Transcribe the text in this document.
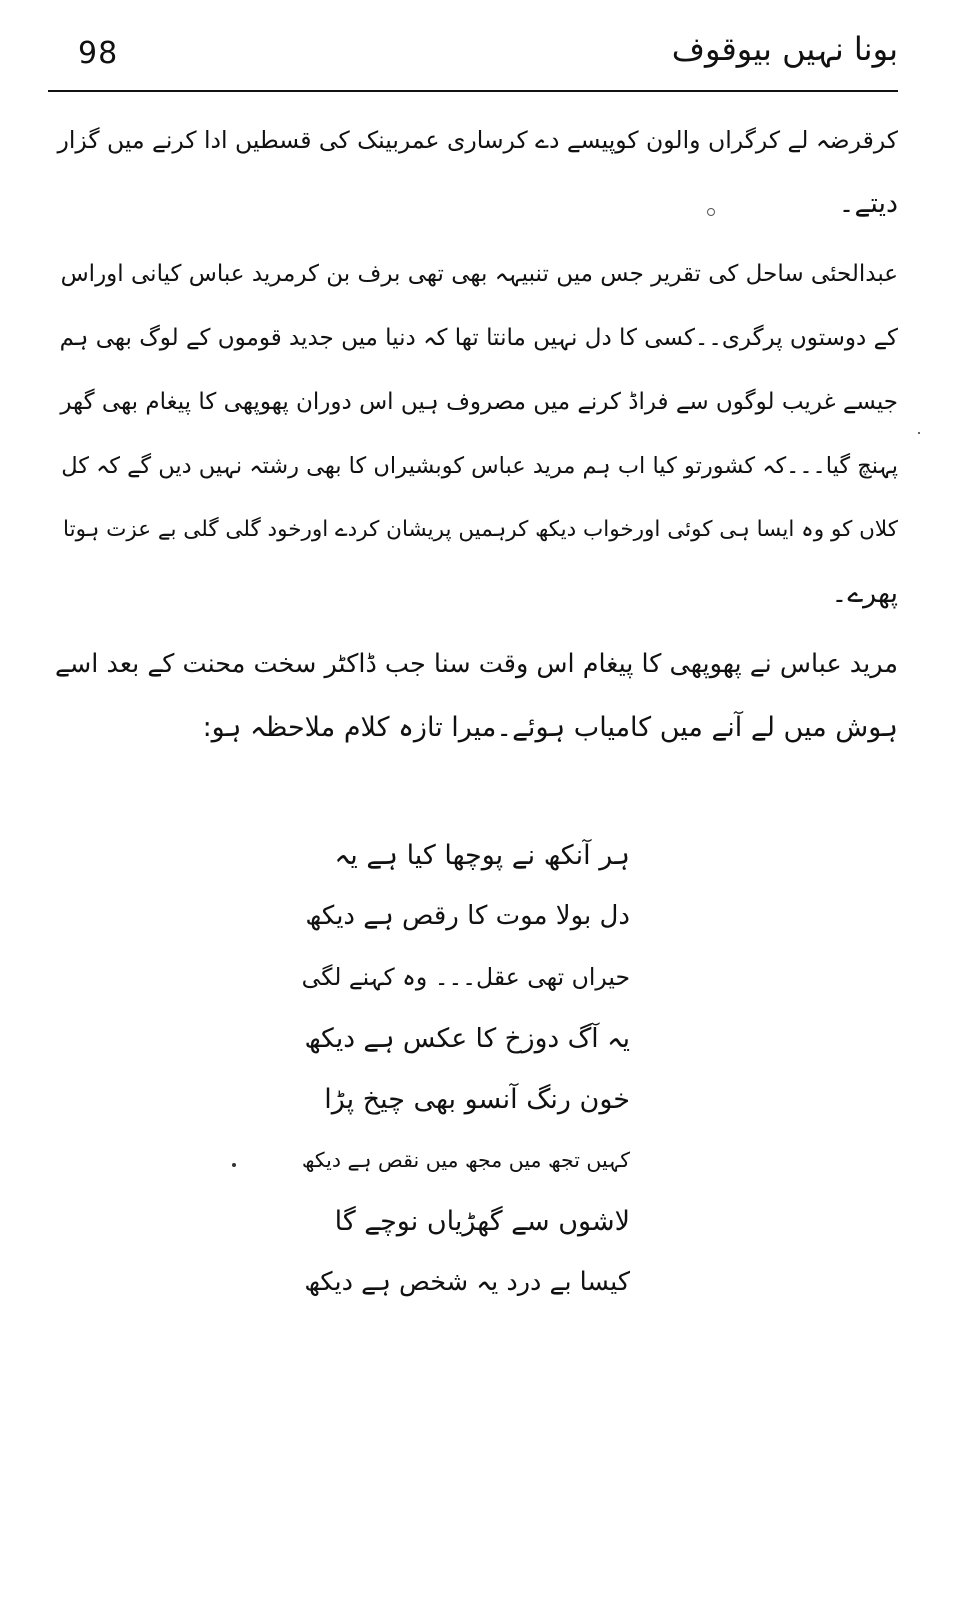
98	بونا نہیں بیوقوف

کرقرضہ لے کرگراں والون کوپیسے دے کرساری عمربینک کی قسطیں ادا کرنے میں گزار

دیتے۔

عبدالحئی ساحل کی تقریر جس میں تنبیہہ بھی تھی برف بن کرمرید عباس کیانی اوراس

کے دوستوں پرگری۔۔کسی کا دل نہیں مانتا تھا کہ دنیا میں جدید قوموں کے لوگ بھی ہم

جیسے غریب لوگوں سے فراڈ کرنے میں مصروف ہیں اس دوران پھوپھی کا پیغام بھی گھر

پہنچ گیا۔۔۔کہ کشورتو کیا اب ہم مرید عباس کوبشیراں کا بھی رشتہ نہیں دیں گے کہ کل

کلاں کو وہ ایسا ہی کوئی اورخواب دیکھ کرہمیں پریشان کردے اورخود گلی گلی بے عزت ہوتا

پھرے۔

مرید عباس نے پھوپھی کا پیغام اس وقت سنا جب ڈاکٹر سخت محنت کے بعد اسے

ہوش میں لے آنے میں کامیاب ہوئے۔میرا تازہ کلام ملاحظہ ہو:

ہر آنکھ نے پوچھا کیا ہے یہ
دل بولا موت کا رقص ہے دیکھ
حیراں تھی عقل۔۔۔ وہ کہنے لگی
یہ آگ دوزخ کا عکس ہے دیکھ
خون رنگ آنسو بھی چیخ پڑا
کہیں تجھ میں مجھ میں نقص ہے دیکھ
لاشوں سے گھڑیاں نوچے گا
کیسا بے درد یہ شخص ہے دیکھ
